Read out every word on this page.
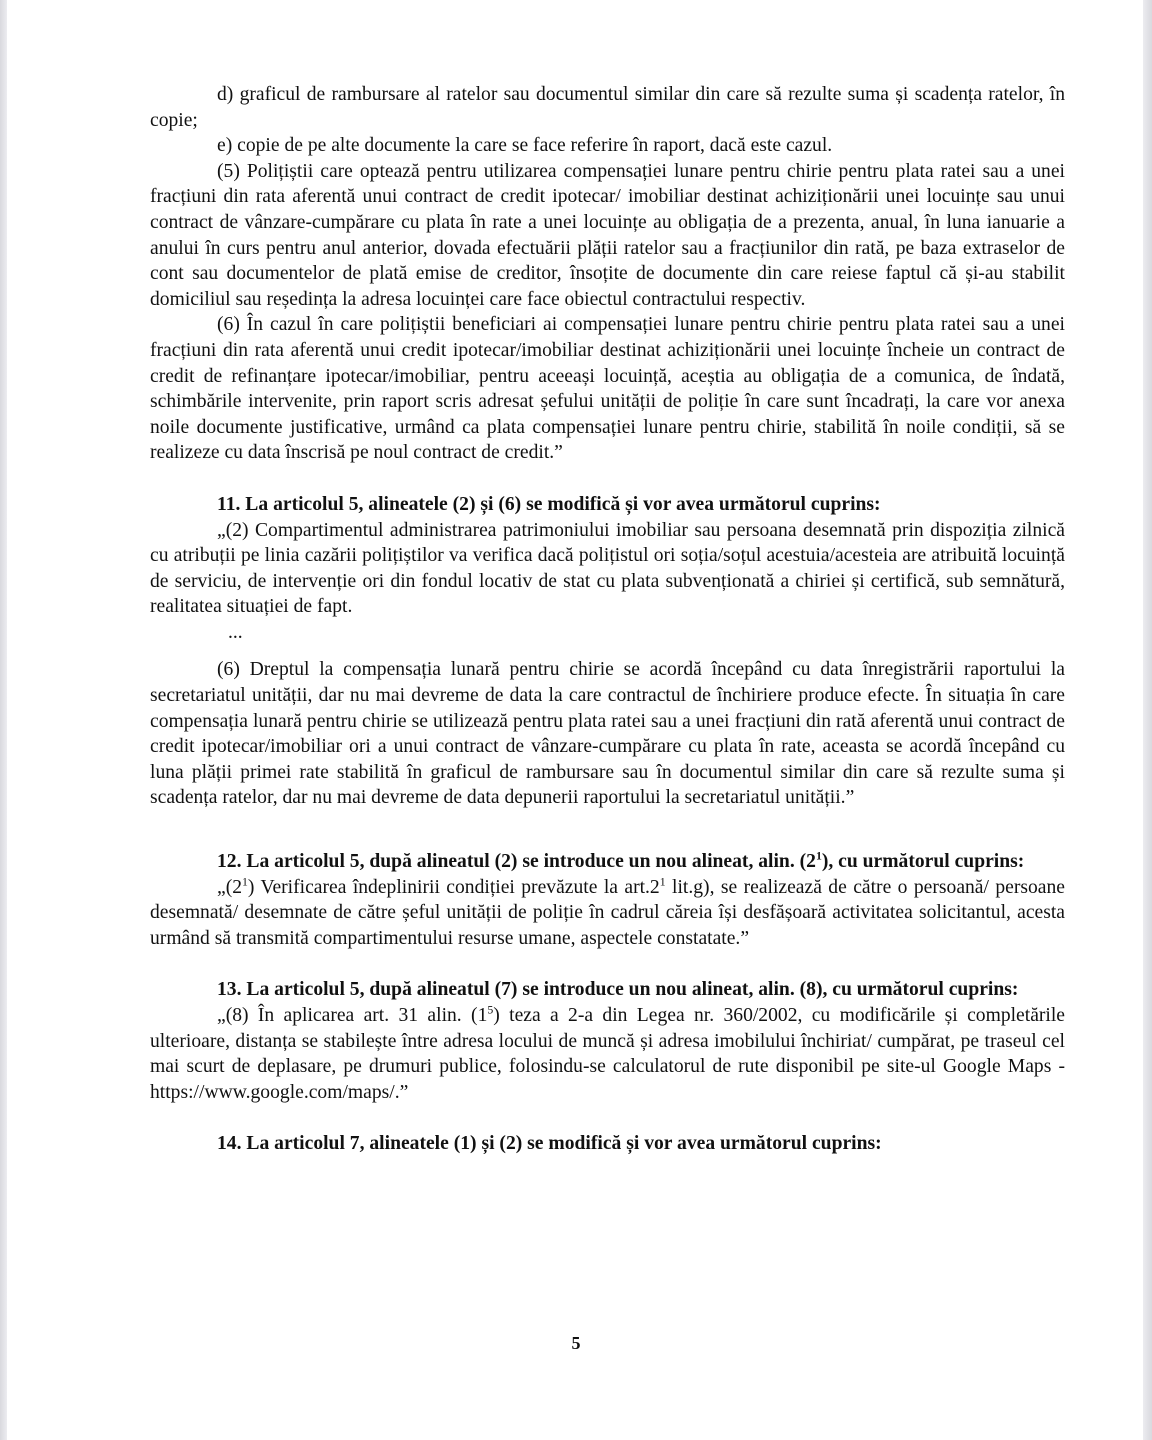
d) graficul de rambursare al ratelor sau documentul similar din care să rezulte suma și scadența ratelor, în copie;

e) copie de pe alte documente la care se face referire în raport, dacă este cazul.

(5) Polițiștii care optează pentru utilizarea compensației lunare pentru chirie pentru plata ratei sau a unei fracțiuni din rata aferentă unui contract de credit ipotecar/ imobiliar destinat achiziționării unei locuințe sau unui contract de vânzare-cumpărare cu plata în rate a unei locuințe au obligația de a prezenta, anual, în luna ianuarie a anului în curs pentru anul anterior, dovada efectuării plății ratelor sau a fracțiunilor din rată, pe baza extraselor de cont sau documentelor de plată emise de creditor, însoțite de documente din care reiese faptul că și-au stabilit domiciliul sau reședința la adresa locuinței care face obiectul contractului respectiv.

(6) În cazul în care polițiștii beneficiari ai compensației lunare pentru chirie pentru plata ratei sau a unei fracțiuni din rata aferentă unui credit ipotecar/imobiliar destinat achiziționării unei locuințe încheie un contract de credit de refinanțare ipotecar/imobiliar, pentru aceeași locuință, aceștia au obligația de a comunica, de îndată, schimbările intervenite, prin raport scris adresat șefului unității de poliție în care sunt încadrați, la care vor anexa noile documente justificative, urmând ca plata compensației lunare pentru chirie, stabilită în noile condiții, să se realizeze cu data înscrisă pe noul contract de credit.”

11. La articolul 5, alineatele (2) și (6) se modifică și vor avea următorul cuprins:

„(2) Compartimentul administrarea patrimoniului imobiliar sau persoana desemnată prin dispoziția zilnică cu atribuții pe linia cazării polițiștilor va verifica dacă polițistul ori soția/soțul acestuia/acesteia are atribuită locuință de serviciu, de intervenție ori din fondul locativ de stat cu plata subvenționată a chiriei și certifică, sub semnătură, realitatea situației de fapt.

...

(6) Dreptul la compensația lunară pentru chirie se acordă începând cu data înregistrării raportului la secretariatul unității, dar nu mai devreme de data la care contractul de închiriere produce efecte. În situația în care compensația lunară pentru chirie se utilizează pentru plata ratei sau a unei fracțiuni din rată aferentă unui contract de credit ipotecar/imobiliar ori a unui contract de vânzare-cumpărare cu plata în rate, aceasta se acordă începând cu luna plății primei rate stabilită în graficul de rambursare sau în documentul similar din care să rezulte suma și scadența ratelor, dar nu mai devreme de data depunerii raportului la secretariatul unității.”

12. La articolul 5, după alineatul (2) se introduce un nou alineat, alin. $(2^1)$, cu următorul cuprins:

$„(2^1)$ Verificarea îndeplinirii condiției prevăzute la $art.2^1$ lit.g), se realizează de către o persoană/ persoane desemnată/ desemnate de către șeful unității de poliție în cadrul căreia își desfășoară activitatea solicitantul, acesta urmând să transmită compartimentului resurse umane, aspectele constatate.”

13. La articolul 5, după alineatul (7) se introduce un nou alineat, alin. (8), cu următorul cuprins:

„(8) În aplicarea art. 31 alin. $(1^5)$ teza a 2-a din Legea nr. 360/2002, cu modificările și completările ulterioare, distanța se stabilește între adresa locului de muncă și adresa imobilului închiriat/ cumpărat, pe traseul cel mai scurt de deplasare, pe drumuri publice, folosindu-se calculatorul de rute disponibil pe site-ul Google Maps - https://www.google.com/maps/.”

14. La articolul 7, alineatele (1) și (2) se modifică și vor avea următorul cuprins:

5
